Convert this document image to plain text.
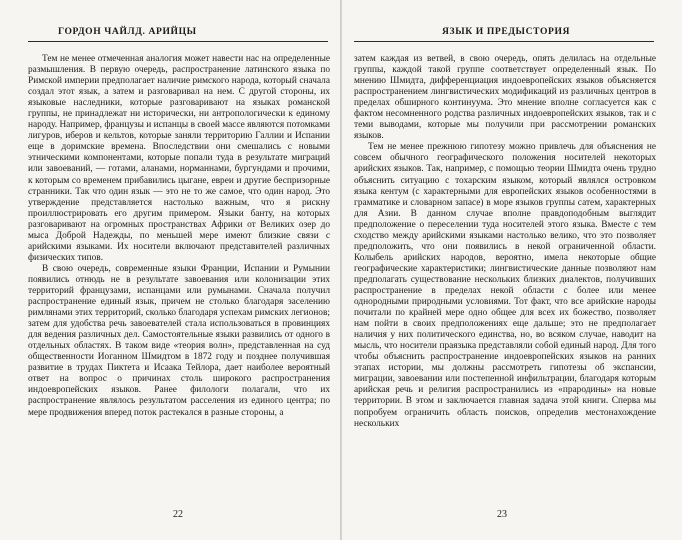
ГОРДОН ЧАЙЛД. АРИЙЦЫ

Тем не менее отмеченная аналогия может навести нас на определенные размышления. В первую очередь, распространение латинского языка по Римской империи предполагает наличие римского народа, который сначала создал этот язык, а затем и разговаривал на нем. С другой стороны, их языковые наследники, которые разговаривают на языках романской группы, не принадлежат ни исторически, ни антропологически к единому народу. Например, французы и испанцы в своей массе являются потомками лигуров, иберов и кельтов, которые заняли территорию Галлии и Испании еще в доримские времена. Впоследствии они смешались с новыми этническими компонентами, которые попали туда в результате миграций или завоеваний, — готами, аланами, норманнами, бургундами и прочими, к которым со временем прибавились цыгане, евреи и другие беспризорные странники. Так что один язык — это не то же самое, что один народ. Это утверждение представляется настолько важным, что я рискну проиллюстрировать его другим примером. Языки банту, на которых разговаривают на огромных пространствах Африки от Великих озер до мыса Доброй Надежды, по меньшей мере имеют близкие связи с арийскими языками. Их носители включают представителей различных физических типов.

В свою очередь, современные языки Франции, Испании и Румынии появились отнюдь не в результате завоевания или колонизации этих территорий французами, испанцами или румынами. Сначала получил распространение единый язык, причем не столько благодаря заселению римлянами этих территорий, сколько благодаря успехам римских легионов; затем для удобства речь завоевателей стала использоваться в провинциях для ведения различных дел. Самостоятельные языки развились от одного в отдельных областях. В таком виде «теория волн», представленная на суд общественности Иоганном Шмидтом в 1872 году и позднее получившая развитие в трудах Пиктета и Исаака Тейлора, дает наиболее вероятный ответ на вопрос о причинах столь широкого распространения индоевропейских языков. Ранее филологи полагали, что их распространение являлось результатом расселения из единого центра; по мере продвижения вперед поток растекался в разные стороны, а

22
ЯЗЫК И ПРЕДЫСТОРИЯ

затем каждая из ветвей, в свою очередь, опять делилась на отдельные группы, каждой такой группе соответствует определенный язык. По мнению Шмидта, дифференциация индоевропейских языков объясняется распространением лингвистических модификаций из различных центров в пределах обширного континуума. Это мнение вполне согласуется как с фактом несомненного родства различных индоевропейских языков, так и с теми выводами, которые мы получили при рассмотрении романских языков.

Тем не менее прежнюю гипотезу можно привлечь для объяснения не совсем обычного географического положения носителей некоторых арийских языков. Так, например, с помощью теории Шмидта очень трудно объяснить ситуацию с тохарским языком, который являлся островком языка кентум (с характерными для европейских языков особенностями в грамматике и словарном запасе) в море языков группы сатем, характерных для Азии. В данном случае вполне правдоподобным выглядит предположение о переселении туда носителей этого языка. Вместе с тем сходство между арийскими языками настолько велико, что это позволяет предположить, что они появились в некой ограниченной области. Колыбель арийских народов, вероятно, имела некоторые общие географические характеристики; лингвистические данные позволяют нам предполагать существование нескольких близких диалектов, получивших распространение в пределах некой области с более или менее однородными природными условиями. Тот факт, что все арийские народы почитали по крайней мере одно общее для всех их божество, позволяет нам пойти в своих предположениях еще дальше; это не предполагает наличия у них политического единства, но, во всяком случае, наводит на мысль, что носители праязыка представляли собой единый народ. Для того чтобы объяснить распространение индоевропейских языков на ранних этапах истории, мы должны рассмотреть гипотезы об экспансии, миграции, завоевании или постепенной инфильтрации, благодаря которым арийская речь и религия распространились из «прародины» на новые территории. В этом и заключается главная задача этой книги. Сперва мы попробуем ограничить область поисков, определив местонахождение нескольких

23
